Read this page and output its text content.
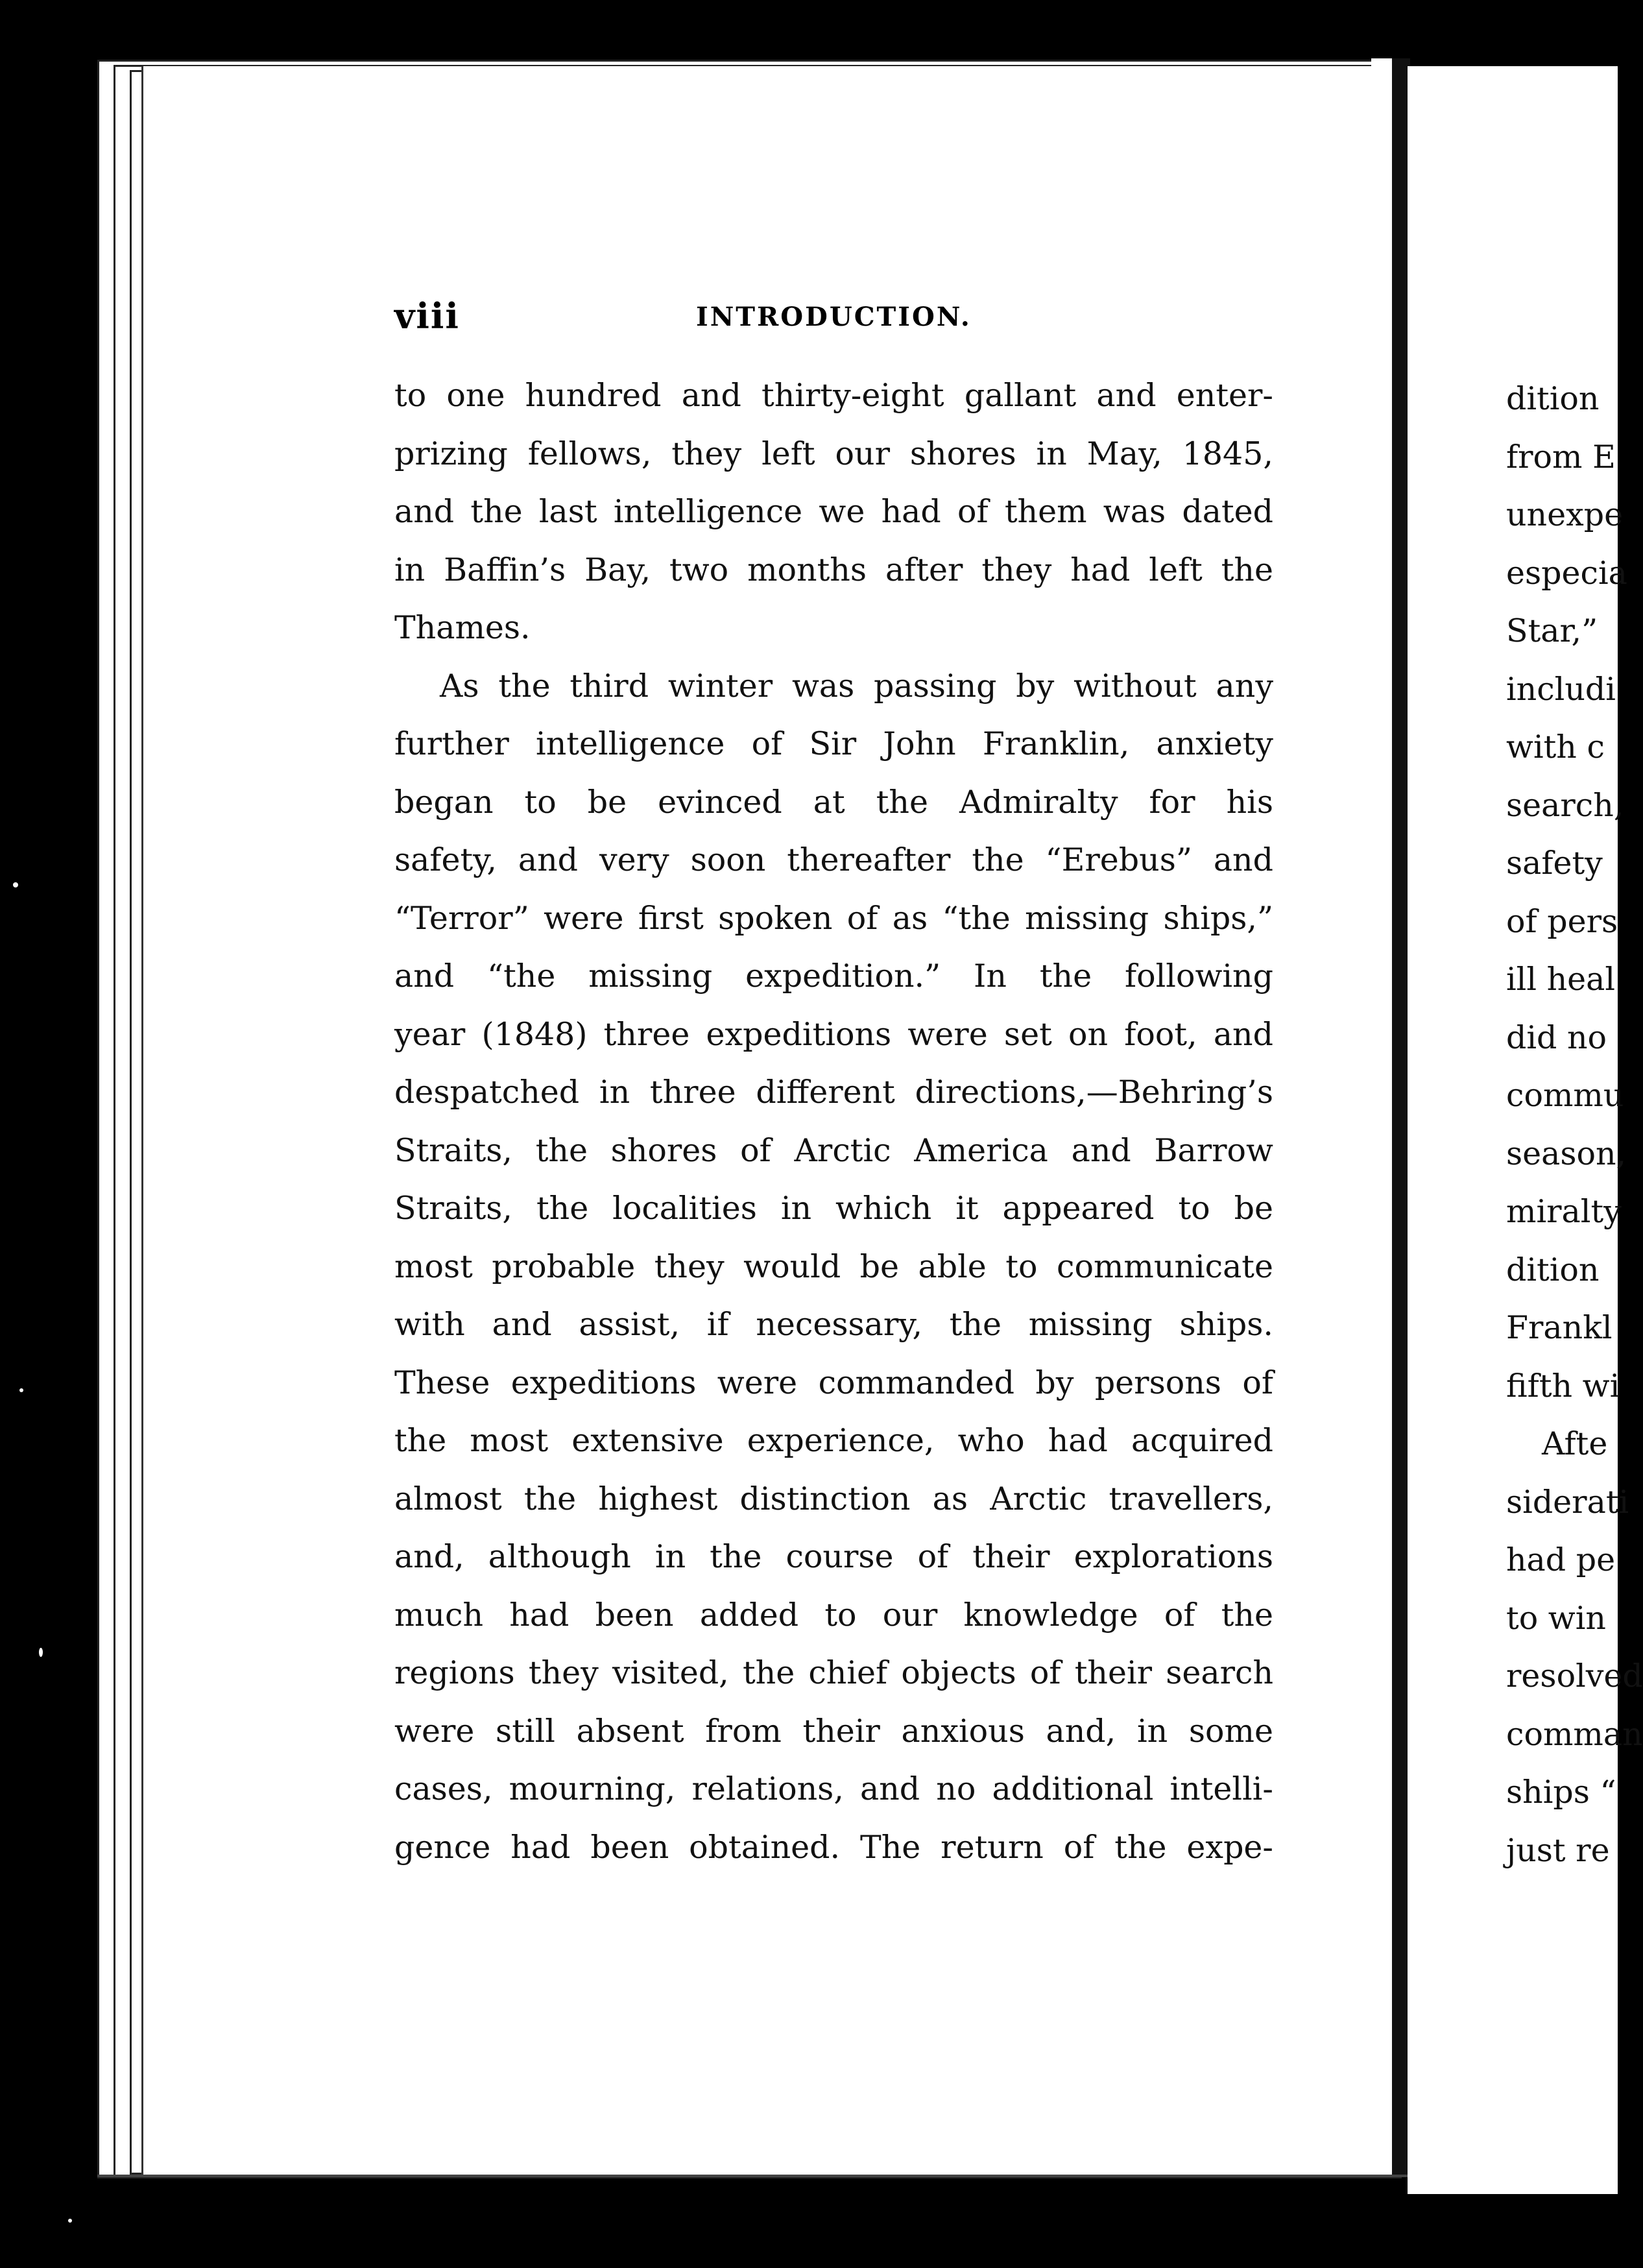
viii	INTRODUCTION.
to one hundred and thirty-eight gallant and enter-
prizing fellows, they left our shores in May, 1845,
and the last intelligence we had of them was dated
in Baffin’s Bay, two months after they had left the
Thames.
As the third winter was passing by without any
further intelligence of Sir John Franklin, anxiety
began to be evinced at the Admiralty for his
safety, and very soon thereafter the “Erebus” and
“Terror” were first spoken of as “the missing ships,”
and “the missing expedition.” In the following
year (1848) three expeditions were set on foot, and
despatched in three different directions,—Behring’s
Straits, the shores of Arctic America and Barrow
Straits, the localities in which it appeared to be
most probable they would be able to communicate
with and assist, if necessary, the missing ships.
These expeditions were commanded by persons of
the most extensive experience, who had acquired
almost the highest distinction as Arctic travellers,
and, although in the course of their explorations
much had been added to our knowledge of the
regions they visited, the chief objects of their search
were still absent from their anxious and, in some
cases, mourning, relations, and no additional intelli-
gence had been obtained. The return of the expe-
dition
from E
unexpe
especia
Star,”
includi
with c
search,
safety
of pers
ill heal
did no
commu
season,
miralty
dition
Frankl
fifth wi
Afte
siderati
had pe
to win
resolved
comman
ships “
just re
